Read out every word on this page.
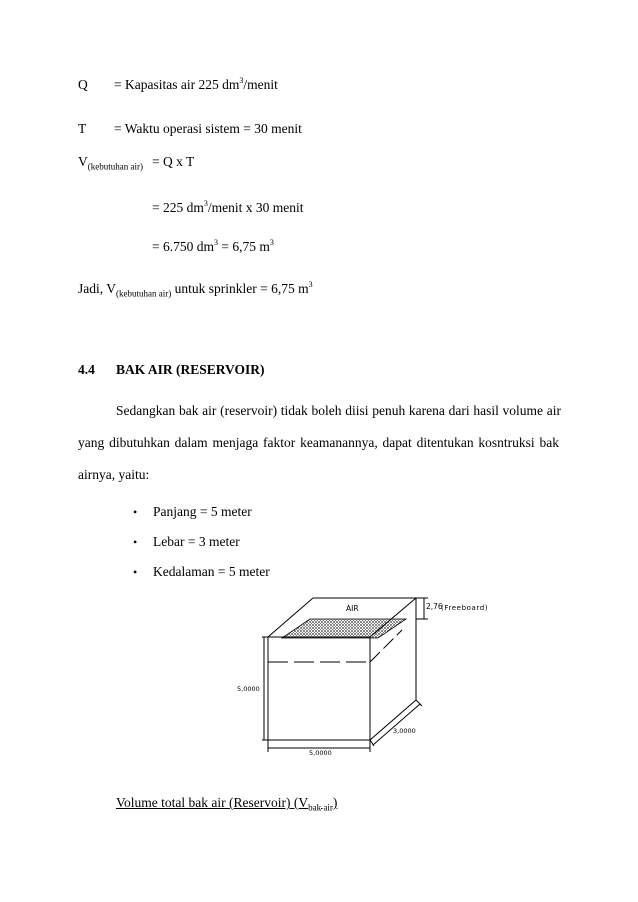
Q = Kapasitas air 225 $dm^3$/menit
T = Waktu operasi sistem = 30 menit
$V_{(kebutuhan air)} = Q$ x T
= 225 $dm^3$/menit x 30 menit
= 6.750 $dm^3 = 6,75$ $m^3$
Jadi, $V_{(kebutuhan air)}$ untuk sprinkler = 6,75 $m^3$
4.4 BAK AIR (RESERVOIR)
Sedangkan bak air (reservoir) tidak boleh diisi penuh karena dari hasil volume air
yang dibutuhkan dalam menjaga faktor keamanannya, dapat ditentukan kosntruksi bak
airnya, yaitu:
• Panjang = 5 meter
• Lebar = 3 meter
• Kedalaman = 5 meter
AIR	2,76
(Freeboard)
5,0000
3,0000
5,0000
Volume total bak air (Reservoir) $(V_{bak air})$
